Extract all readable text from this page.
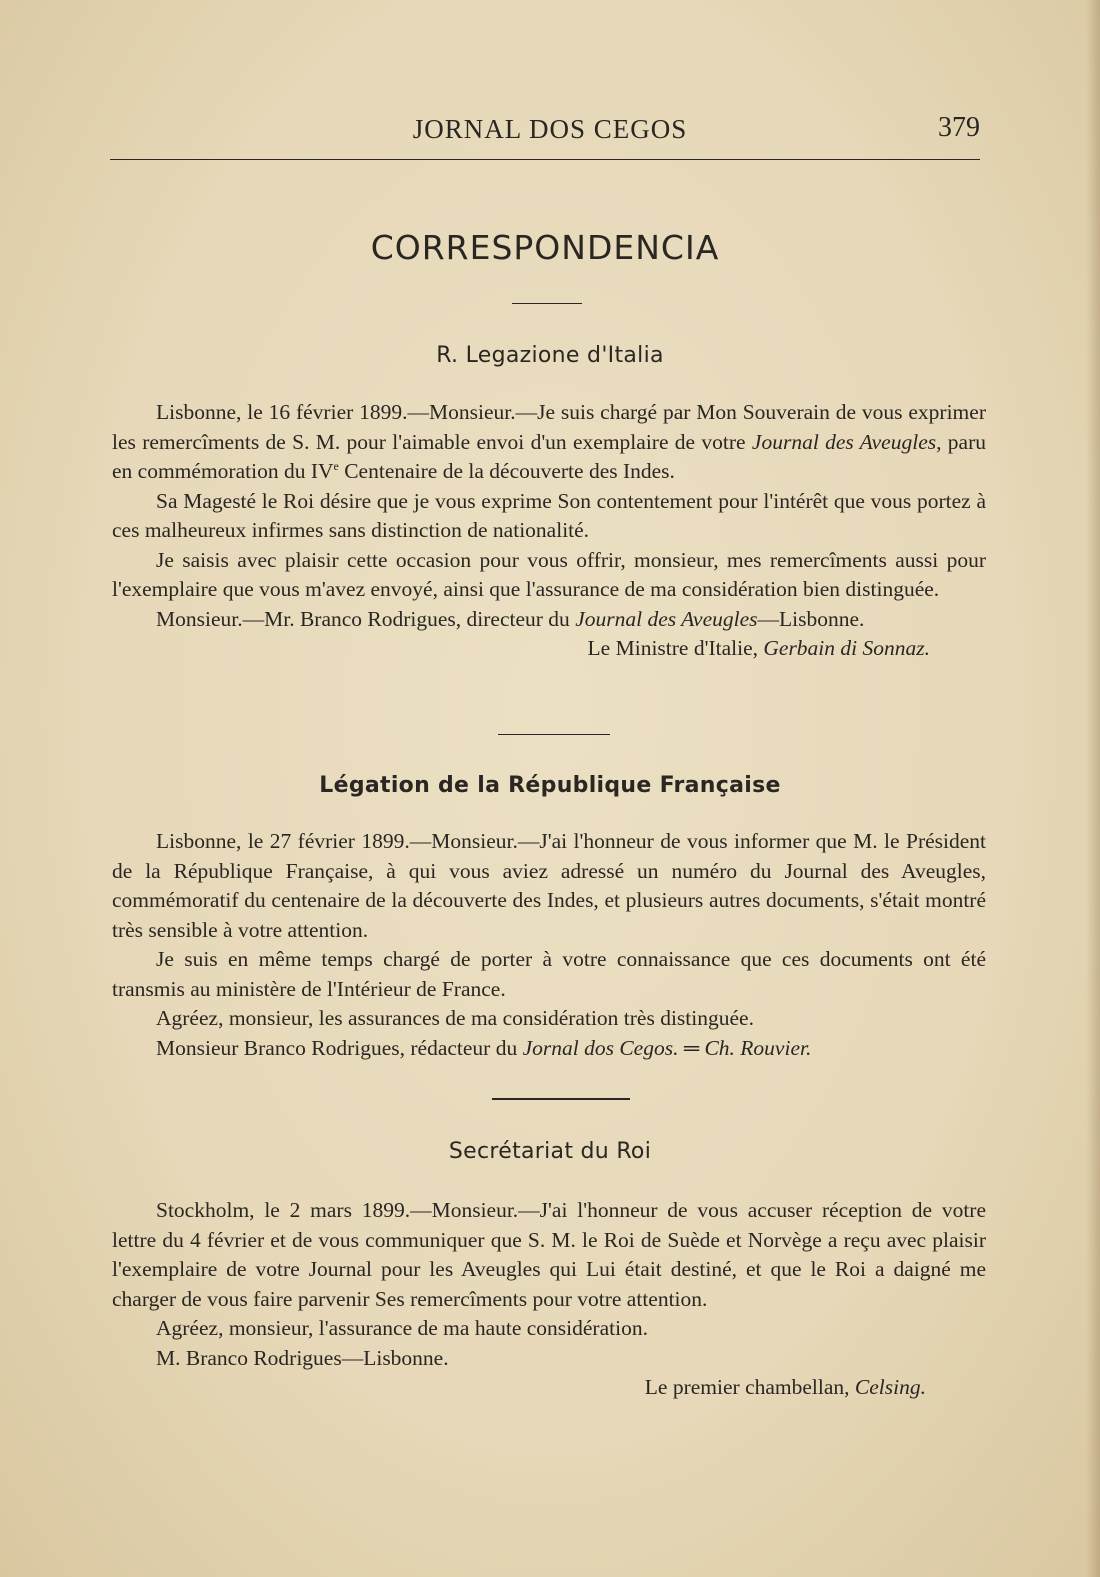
JORNAL DOS CEGOS	379
CORRESPONDENCIA
R. Legazione d'Italia

Lisbonne, le 16 février 1899.—Monsieur.—Je suis chargé par Mon Souverain de vous exprimer les remercîments de S. M. pour l'aimable envoi d'un exemplaire de votre Journal des Aveugles, paru en commémoration du IVe Centenaire de la découverte des Indes.

Sa Magesté le Roi désire que je vous exprime Son contentement pour l'intérêt que vous portez à ces malheureux infirmes sans distinction de nationalité.

Je saisis avec plaisir cette occasion pour vous offrir, monsieur, mes remercîments aussi pour l'exemplaire que vous m'avez envoyé, ainsi que l'assurance de ma considération bien distinguée.

Monsieur.—Mr. Branco Rodrigues, directeur du Journal des Aveugles—Lisbonne.

Le Ministre d'Italie, Gerbain di Sonnaz.

Légation de la République Française

Lisbonne, le 27 février 1899.—Monsieur.—J'ai l'honneur de vous informer que M. le Président de la République Française, à qui vous aviez adressé un numéro du Journal des Aveugles, commémoratif du centenaire de la découverte des Indes, et plusieurs autres documents, s'était montré très sensible à votre attention.

Je suis en même temps chargé de porter à votre connaissance que ces documents ont été transmis au ministère de l'Intérieur de France.

Agréez, monsieur, les assurances de ma considération très distinguée.

Monsieur Branco Rodrigues, rédacteur du Jornal dos Cegos. ═ Ch. Rouvier.

Secrétariat du Roi

Stockholm, le 2 mars 1899.—Monsieur.—J'ai l'honneur de vous accuser réception de votre lettre du 4 février et de vous communiquer que S. M. le Roi de Suède et Norvège a reçu avec plaisir l'exemplaire de votre Journal pour les Aveugles qui Lui était destiné, et que le Roi a daigné me charger de vous faire parvenir Ses remercîments pour votre attention.

Agréez, monsieur, l'assurance de ma haute considération.

M. Branco Rodrigues—Lisbonne.

Le premier chambellan, Celsing.
